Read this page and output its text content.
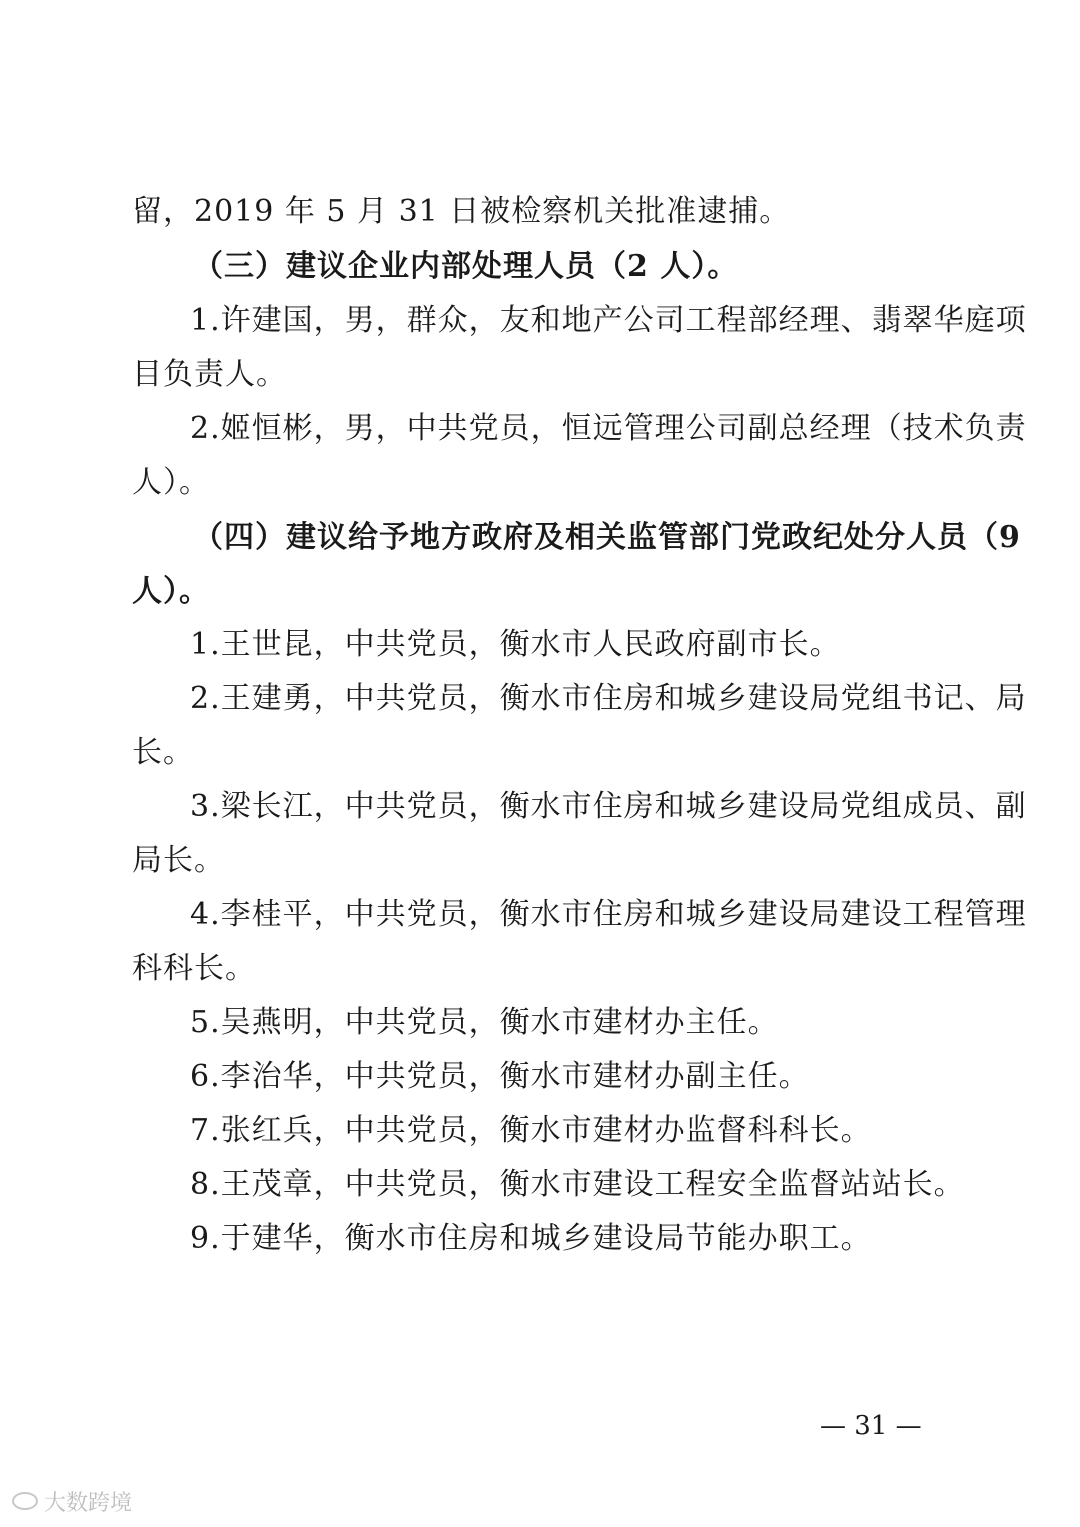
留，2019 年 5 月 31 日被检察机关批准逮捕。
（三）建议企业内部处理人员（2 人）。
1.许建国，男，群众，友和地产公司工程部经理、翡翠华庭项
目负责人。
2.姬恒彬，男，中共党员，恒远管理公司副总经理（技术负责
人）。
（四）建议给予地方政府及相关监管部门党政纪处分人员（9
人）。
1.王世昆，中共党员，衡水市人民政府副市长。
2.王建勇，中共党员，衡水市住房和城乡建设局党组书记、局
长。
3.梁长江，中共党员，衡水市住房和城乡建设局党组成员、副
局长。
4.李桂平，中共党员，衡水市住房和城乡建设局建设工程管理
科科长。
5.吴燕明，中共党员，衡水市建材办主任。
6.李治华，中共党员，衡水市建材办副主任。
7.张红兵，中共党员，衡水市建材办监督科科长。
8.王茂章，中共党员，衡水市建设工程安全监督站站长。
9.于建华，衡水市住房和城乡建设局节能办职工。
— 31 —
大数跨境
